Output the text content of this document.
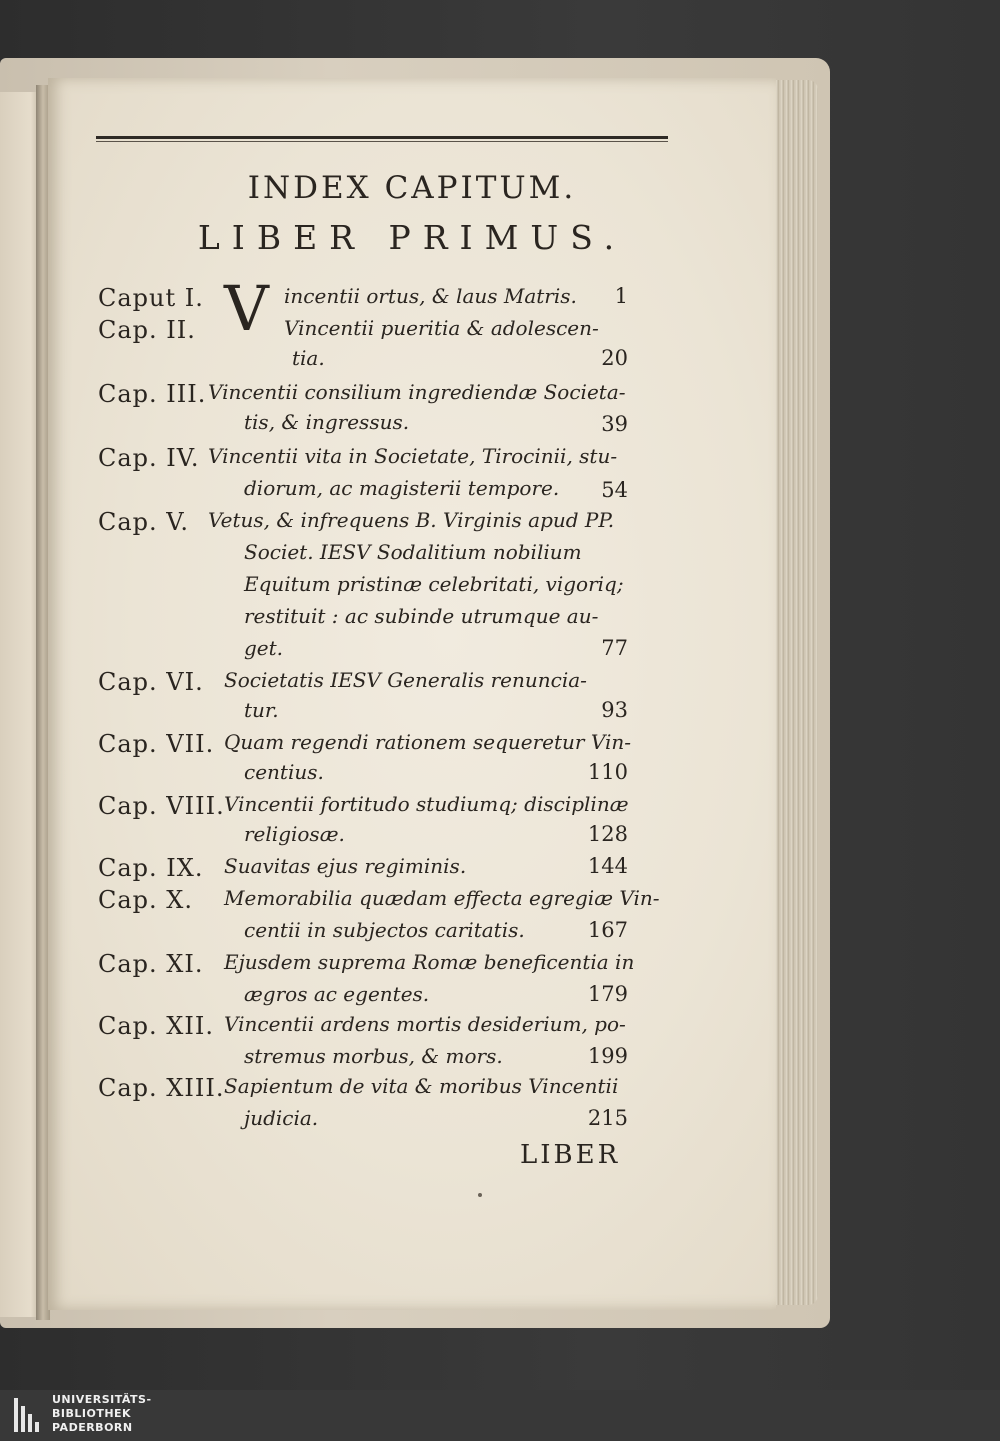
INDEX CAPITUM.
LIBER PRIMUS.
V
Caput I.	incentii ortus, & laus Matris.	1
Cap. II.	Vincentii pueritia & adolescen-
tia.	20
Cap. III. Vincentii consilium ingrediendæ Societa-
tis, & ingressus.	39
Cap. IV. Vincentii vita in Societate, Tirocinii, stu-
diorum, ac magisterii tempore.	54
Cap. V. Vetus, & infrequens B. Virginis apud PP.
Societ. IESV Sodalitium nobilium
Equitum pristinæ celebritati, vigoriq;
restituit : ac subinde utrumque au-
get.	77
Cap. VI. Societatis IESV Generalis renuncia-
tur.	93
Cap. VII. Quam regendi rationem sequeretur Vin-
centius.	110
Cap. VIII. Vincentii fortitudo studiumq; disciplinæ
religiosæ.	128
Cap. IX. Suavitas ejus regiminis.	144
Cap. X. Memorabilia quædam effecta egregiæ Vin-
centii in subjectos caritatis.	167
Cap. XI. Ejusdem suprema Romæ beneficentia in
ægros ac egentes.	179
Cap. XII. Vincentii ardens mortis desiderium, po-
stremus morbus, & mors.	199
Cap. XIII. Sapientum de vita & moribus Vincentii
judicia.	215
LIBER
UNIVERSITÄTS-
BIBLIOTHEK
PADERBORN
